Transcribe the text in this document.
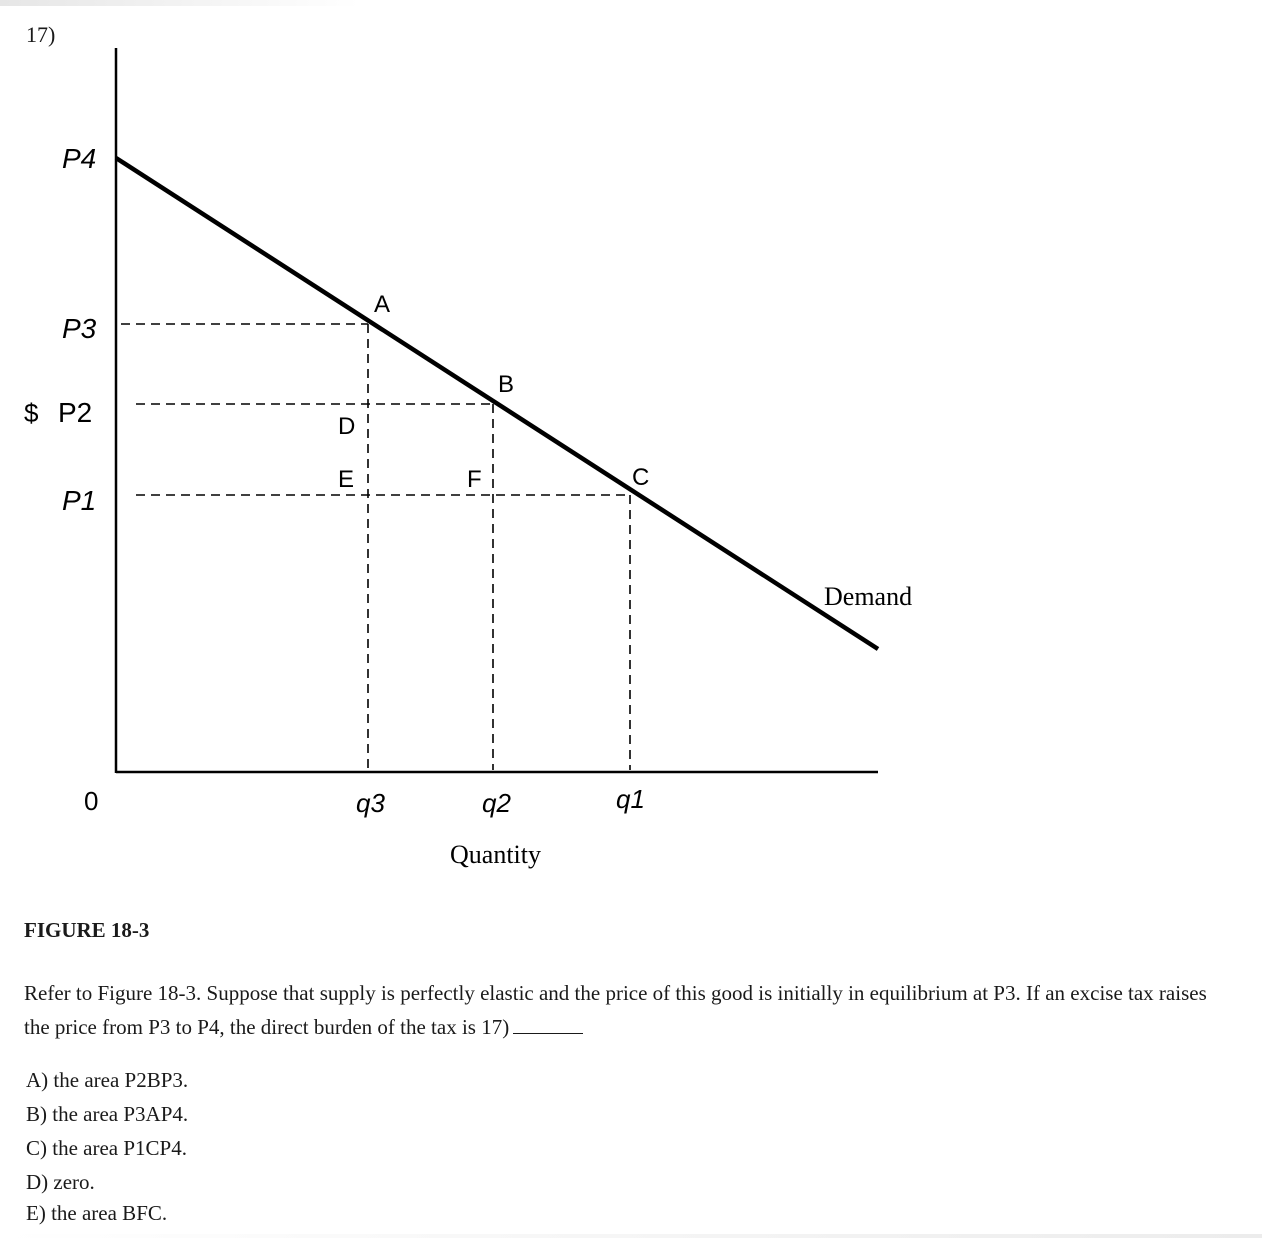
17)
P4
P3
$ P2
P1
0	q3	q2	q1
Quantity
A
B
C
D
E	F
Demand
FIGURE 18-3
Refer to Figure 18-3. Suppose that supply is perfectly elastic and the price of this good is initially in equilibrium at P3. If an excise tax raises the price from P3 to P4, the direct burden of the tax is 17)
A) the area P2BP3.
B) the area P3AP4.
C) the area P1CP4.
D) zero.
E) the area BFC.
